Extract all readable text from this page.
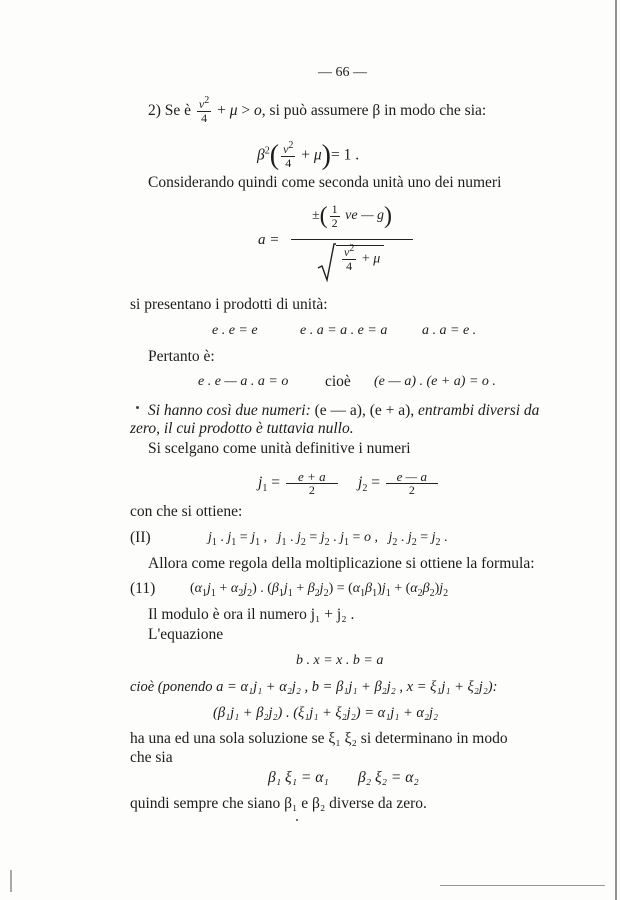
— 66 —
2) Se è $\frac{\nu^2}{4} + \mu > o$, si può assumere β in modo che sia:
$\beta^2( \frac{\nu^2}{4} + \mu)= 1$ .
Considerando quindi come seconda unità uno dei numeri
a =
±( $\frac{1}{2}$ ve — g)
$\frac{\nu^2}{4} + \mu$
si presentano i prodotti di unità:
e . e = e	e . a = a . e = a a . a = e .
Pertanto è:
e . e — a . a = o cioè (e — a) . (e + a) = o .
Si hanno così due numeri: (e — a), (e + a), entrambi diversi da
zero, il cui prodotto è tuttavia nullo.
Si scelgano come unità definitive i numeri
$j_1 = \frac{e + a}{2} j_2 = \frac{e — a}{2}$
con che si ottiene:
(II)	$j_1$ . $j_1 = j_1$ ,   $j_1$ . $j_2 = j_2$ . $j_1 = o$ ,   $j_2$ . $j_2 = j_2$ .
Allora come regola della moltiplicazione si ottiene la formula:
(11) $(\alpha_1j_1 + \alpha_2j_2)$ . $(\beta_1j_1 + \beta_2j_2) = (\alpha_1\beta_1)j_1 + (\alpha_2\beta_2)j_2$
Il modulo è ora il numero j₁ + j₂ .
L'equazione
b . x = x . b = a
cioè (ponendo a = α₁j₁ + α₂j₂ , b = β₁j₁ + β₂j₂ , x = ξ₁j₁ + ξ₂j₂):
(β₁j₁ + β₂j₂) . (ξ₁j₁ + ξ₂j₂) = α₁j₁ + α₂j₂
ha una ed una sola soluzione se ξ₁ ξ₂ si determinano in modo
che sia
β₁ ξ₁ = α₁ β₂ ξ₂ = α₂
quindi sempre che siano β₁ e β₂ diverse da zero.
